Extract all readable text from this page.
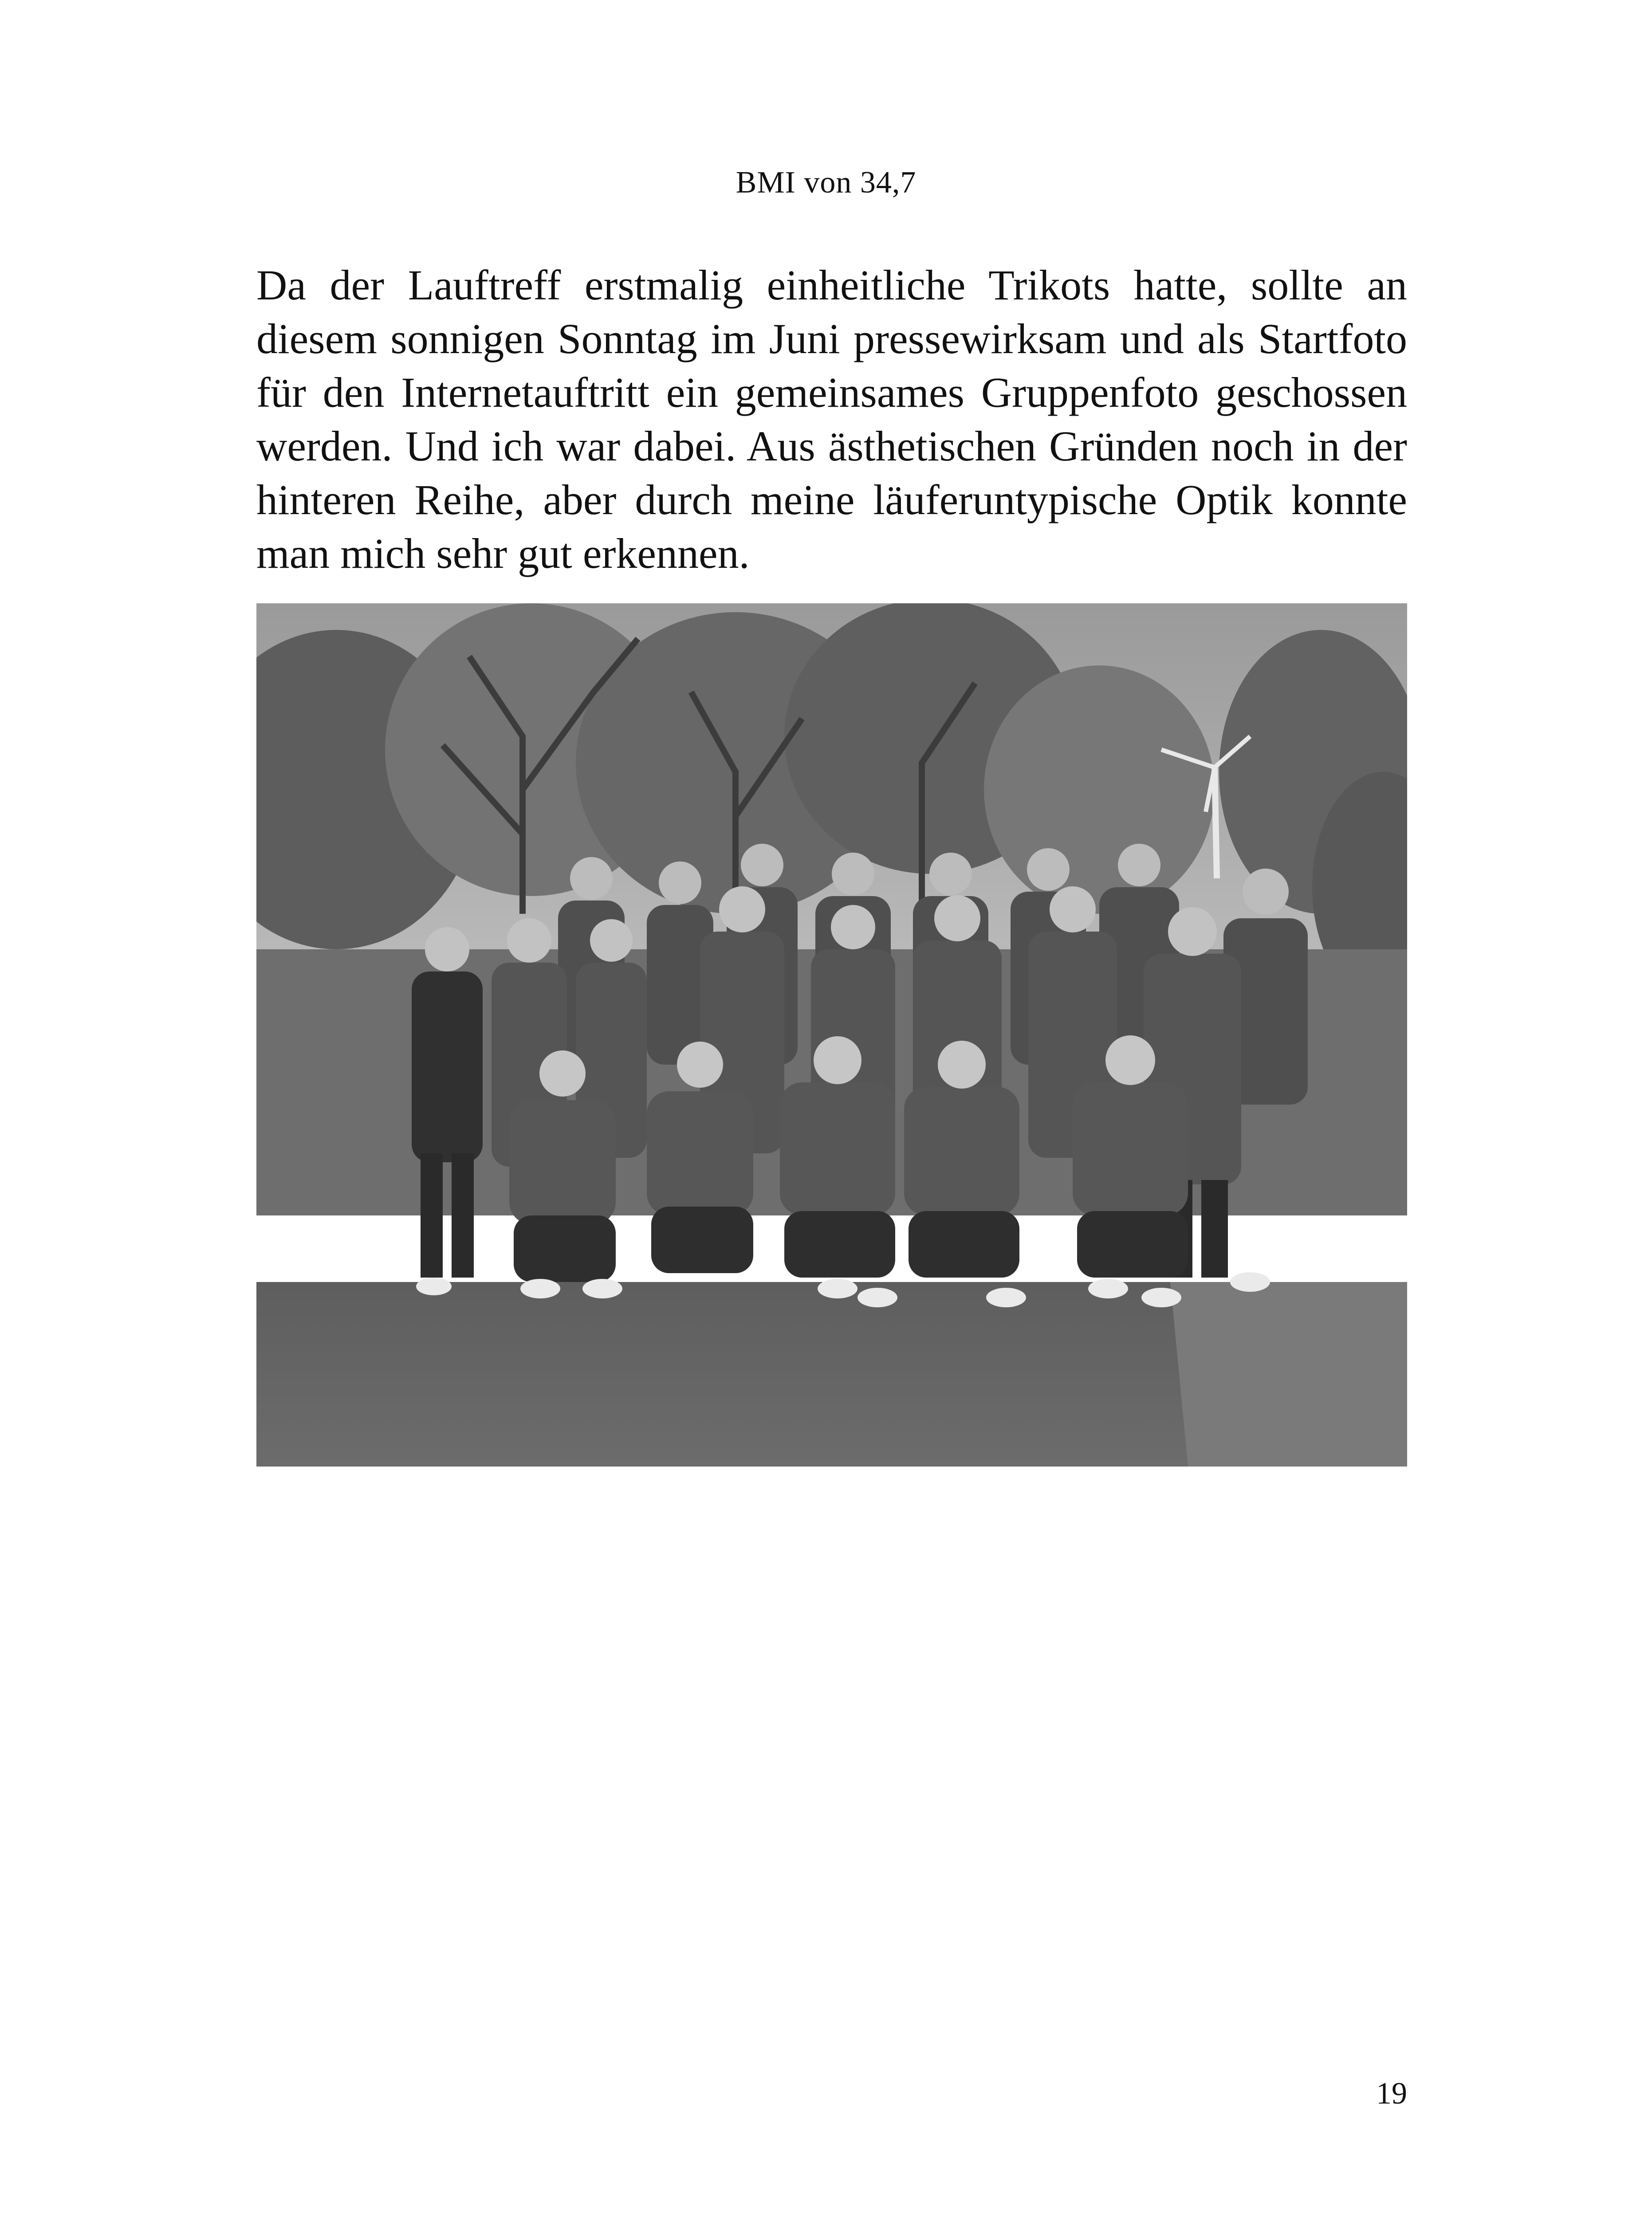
BMI von 34,7
Da der Lauftreff erstmalig einheitliche Trikots hatte, sollte an diesem sonnigen Sonntag im Juni pressewirksam und als Startfoto für den Internetauftritt ein gemeinsames Gruppenfoto geschossen werden. Und ich war dabei. Aus ästhetischen Gründen noch in der hinteren Reihe, aber durch meine läuferuntypische Optik konnte man mich sehr gut erkennen.
19
